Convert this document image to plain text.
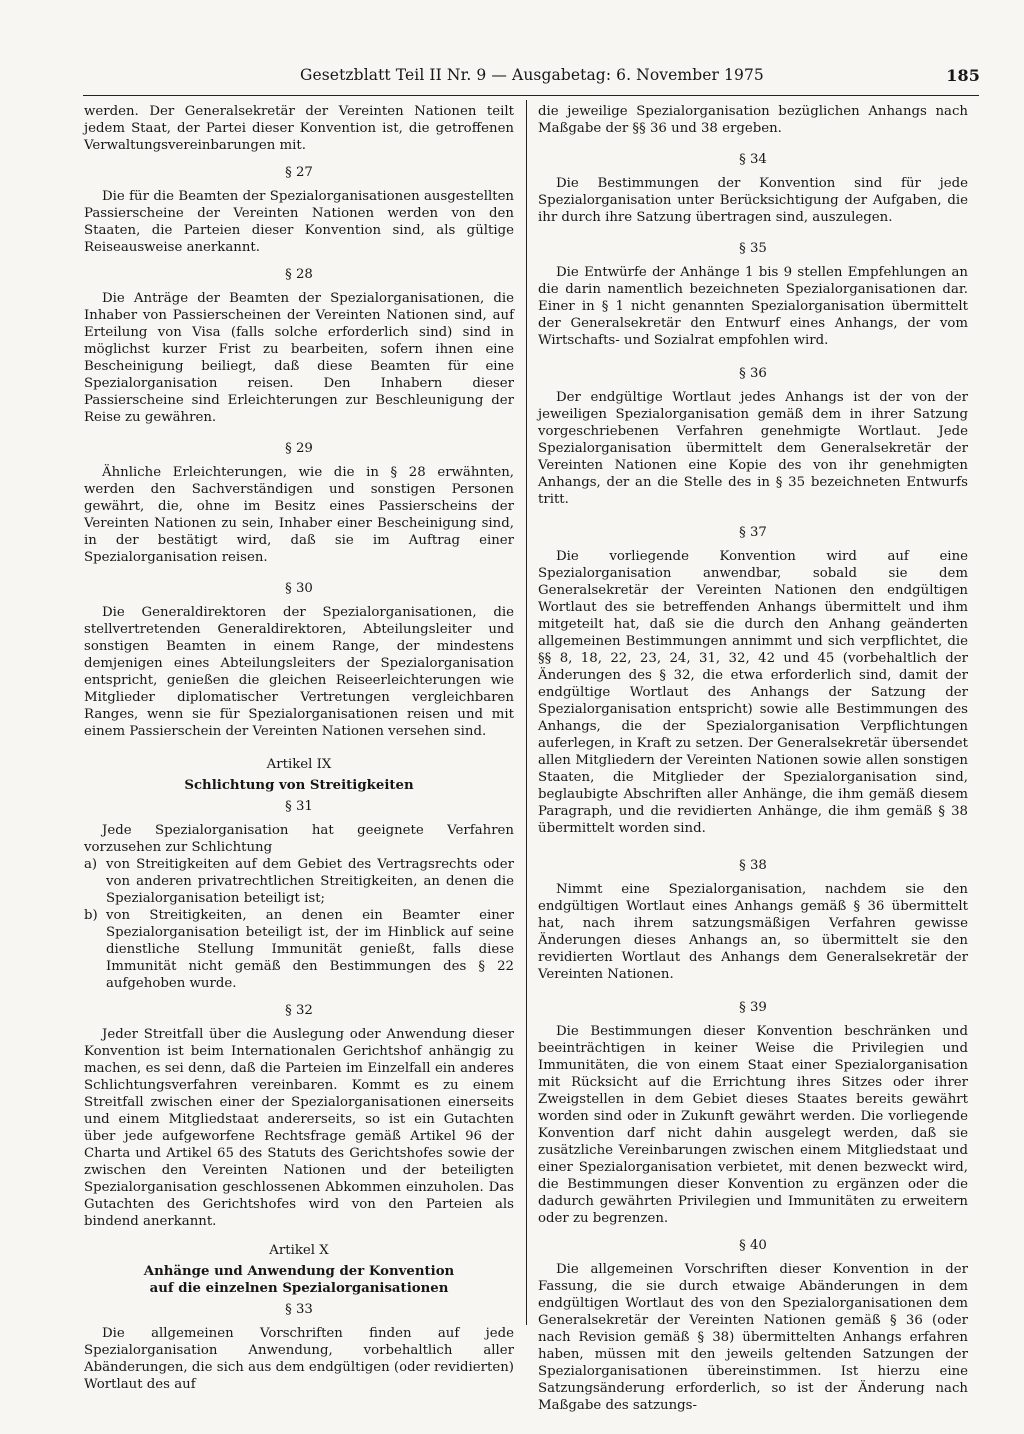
Gesetzblatt Teil II Nr. 9 — Ausgabetag: 6. November 1975	185

werden. Der Generalsekretär der Vereinten Nationen teilt jedem Staat, der Partei dieser Konvention ist, die getroffenen Verwaltungsvereinbarungen mit.

§ 27

Die für die Beamten der Spezialorganisationen ausgestellten Passierscheine der Vereinten Nationen werden von den Staaten, die Parteien dieser Konvention sind, als gültige Reiseausweise anerkannt.

§ 28

Die Anträge der Beamten der Spezialorganisationen, die Inhaber von Passierscheinen der Vereinten Nationen sind, auf Erteilung von Visa (falls solche erforderlich sind) sind in möglichst kurzer Frist zu bearbeiten, sofern ihnen eine Bescheinigung beiliegt, daß diese Beamten für eine Spezialorganisation reisen. Den Inhabern dieser Passierscheine sind Erleichterungen zur Beschleunigung der Reise zu gewähren.

§ 29

Ähnliche Erleichterungen, wie die in § 28 erwähnten, werden den Sachverständigen und sonstigen Personen gewährt, die, ohne im Besitz eines Passierscheins der Vereinten Nationen zu sein, Inhaber einer Bescheinigung sind, in der bestätigt wird, daß sie im Auftrag einer Spezialorganisation reisen.

§ 30

Die Generaldirektoren der Spezialorganisationen, die stellvertretenden Generaldirektoren, Abteilungsleiter und sonstigen Beamten in einem Range, der mindestens demjenigen eines Abteilungsleiters der Spezialorganisation entspricht, genießen die gleichen Reiseerleichterungen wie Mitglieder diplomatischer Vertretungen vergleichbaren Ranges, wenn sie für Spezialorganisationen reisen und mit einem Passierschein der Vereinten Nationen versehen sind.

Artikel IX
Schlichtung von Streitigkeiten
§ 31

Jede Spezialorganisation hat geeignete Verfahren vorzusehen zur Schlichtung

a) von Streitigkeiten auf dem Gebiet des Vertragsrechts oder von anderen privatrechtlichen Streitigkeiten, an denen die Spezialorganisation beteiligt ist;
b) von Streitigkeiten, an denen ein Beamter einer Spezialorganisation beteiligt ist, der im Hinblick auf seine dienstliche Stellung Immunität genießt, falls diese Immunität nicht gemäß den Bestimmungen des § 22 aufgehoben wurde.
§ 32

Jeder Streitfall über die Auslegung oder Anwendung dieser Konvention ist beim Internationalen Gerichtshof anhängig zu machen, es sei denn, daß die Parteien im Einzelfall ein anderes Schlichtungsverfahren vereinbaren. Kommt es zu einem Streitfall zwischen einer der Spezialorganisationen einerseits und einem Mitgliedstaat andererseits, so ist ein Gutachten über jede aufgeworfene Rechtsfrage gemäß Artikel 96 der Charta und Artikel 65 des Statuts des Gerichtshofes sowie der zwischen den Vereinten Nationen und der beteiligten Spezialorganisation geschlossenen Abkommen einzuholen. Das Gutachten des Gerichtshofes wird von den Parteien als bindend anerkannt.

Artikel X
Anhänge und Anwendung der Konvention
auf die einzelnen Spezialorganisationen
§ 33

Die allgemeinen Vorschriften finden auf jede Spezialorganisation Anwendung, vorbehaltlich aller Abänderungen, die sich aus dem endgültigen (oder revidierten) Wortlaut des auf

die jeweilige Spezialorganisation bezüglichen Anhangs nach Maßgabe der §§ 36 und 38 ergeben.

§ 34

Die Bestimmungen der Konvention sind für jede Spezialorganisation unter Berücksichtigung der Aufgaben, die ihr durch ihre Satzung übertragen sind, auszulegen.

§ 35

Die Entwürfe der Anhänge 1 bis 9 stellen Empfehlungen an die darin namentlich bezeichneten Spezialorganisationen dar. Einer in § 1 nicht genannten Spezialorganisation übermittelt der Generalsekretär den Entwurf eines Anhangs, der vom Wirtschafts- und Sozialrat empfohlen wird.

§ 36

Der endgültige Wortlaut jedes Anhangs ist der von der jeweiligen Spezialorganisation gemäß dem in ihrer Satzung vorgeschriebenen Verfahren genehmigte Wortlaut. Jede Spezialorganisation übermittelt dem Generalsekretär der Vereinten Nationen eine Kopie des von ihr genehmigten Anhangs, der an die Stelle des in § 35 bezeichneten Entwurfs tritt.

§ 37

Die vorliegende Konvention wird auf eine Spezialorganisation anwendbar, sobald sie dem Generalsekretär der Vereinten Nationen den endgültigen Wortlaut des sie betreffenden Anhangs übermittelt und ihm mitgeteilt hat, daß sie die durch den Anhang geänderten allgemeinen Bestimmungen annimmt und sich verpflichtet, die §§ 8, 18, 22, 23, 24, 31, 32, 42 und 45 (vorbehaltlich der Änderungen des § 32, die etwa erforderlich sind, damit der endgültige Wortlaut des Anhangs der Satzung der Spezialorganisation entspricht) sowie alle Bestimmungen des Anhangs, die der Spezialorganisation Verpflichtungen auferlegen, in Kraft zu setzen. Der Generalsekretär übersendet allen Mitgliedern der Vereinten Nationen sowie allen sonstigen Staaten, die Mitglieder der Spezialorganisation sind, beglaubigte Abschriften aller Anhänge, die ihm gemäß diesem Paragraph, und die revidierten Anhänge, die ihm gemäß § 38 übermittelt worden sind.

§ 38

Nimmt eine Spezialorganisation, nachdem sie den endgültigen Wortlaut eines Anhangs gemäß § 36 übermittelt hat, nach ihrem satzungsmäßigen Verfahren gewisse Änderungen dieses Anhangs an, so übermittelt sie den revidierten Wortlaut des Anhangs dem Generalsekretär der Vereinten Nationen.

§ 39

Die Bestimmungen dieser Konvention beschränken und beeinträchtigen in keiner Weise die Privilegien und Immunitäten, die von einem Staat einer Spezialorganisation mit Rücksicht auf die Errichtung ihres Sitzes oder ihrer Zweigstellen in dem Gebiet dieses Staates bereits gewährt worden sind oder in Zukunft gewährt werden. Die vorliegende Konvention darf nicht dahin ausgelegt werden, daß sie zusätzliche Vereinbarungen zwischen einem Mitgliedstaat und einer Spezialorganisation verbietet, mit denen bezweckt wird, die Bestimmungen dieser Konvention zu ergänzen oder die dadurch gewährten Privilegien und Immunitäten zu erweitern oder zu begrenzen.

§ 40

Die allgemeinen Vorschriften dieser Konvention in der Fassung, die sie durch etwaige Abänderungen in dem endgültigen Wortlaut des von den Spezialorganisationen dem Generalsekretär der Vereinten Nationen gemäß § 36 (oder nach Revision gemäß § 38) übermittelten Anhangs erfahren haben, müssen mit den jeweils geltenden Satzungen der Spezialorganisationen übereinstimmen. Ist hierzu eine Satzungsänderung erforderlich, so ist der Änderung nach Maßgabe des satzungs-
